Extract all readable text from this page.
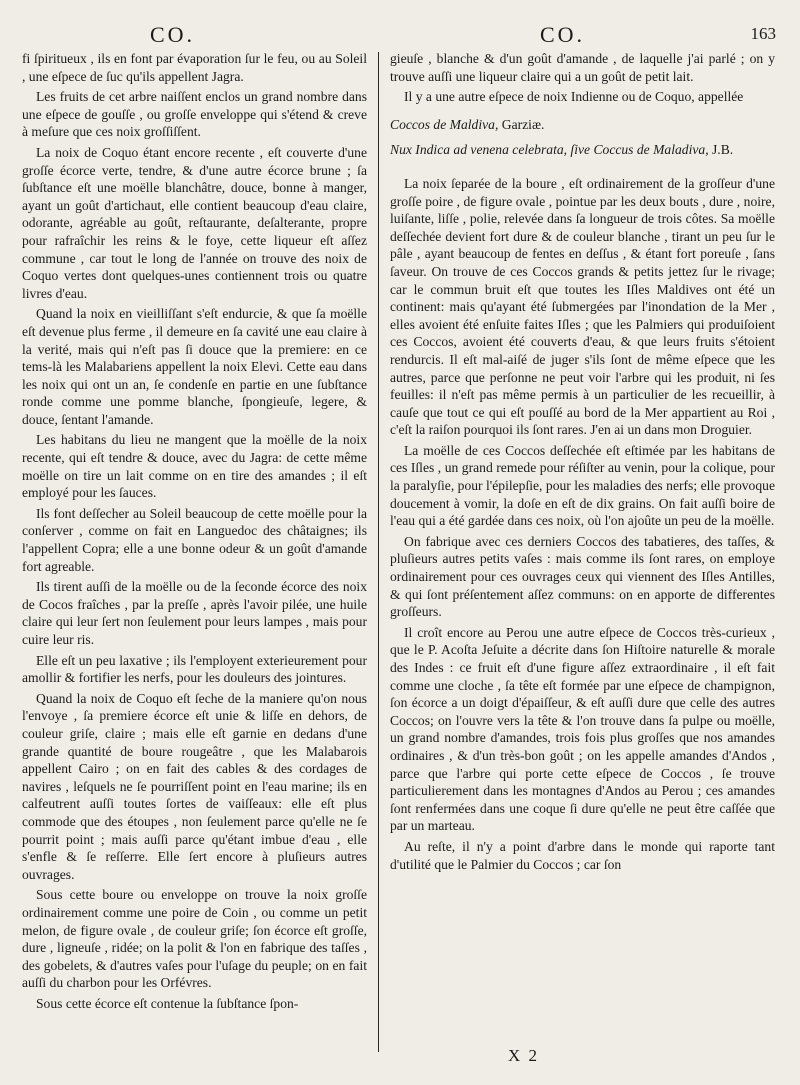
CO.	CO.	163

fi ſpiritueux , ils en font par évaporation ſur le feu, ou au Soleil , une eſpece de ſuc qu'ils appellent Jagra.

Les fruits de cet arbre naiſſent enclos un grand nombre dans une eſpece de gouſſe , ou groſſe enveloppe qui s'étend & creve à meſure que ces noix groſſiſſent.

La noix de Coquo étant encore recente , eſt couverte d'une groſſe écorce verte, tendre, & d'une autre écorce brune ; ſa ſubſtance eſt une moëlle blanchâtre, douce, bonne à manger, ayant un goût d'artichaut, elle contient beaucoup d'eau claire, odorante, agréable au goût, reſtaurante, deſalterante, propre pour rafraîchir les reins & le foye, cette liqueur eſt aſſez commune , car tout le long de l'année on trouve des noix de Coquo vertes dont quelques-unes contiennent trois ou quatre livres d'eau.

Quand la noix en vieilliſſant s'eſt endurcie, & que ſa moëlle eſt devenue plus ferme , il demeure en ſa cavité une eau claire à la verité, mais qui n'eſt pas ſi douce que la premiere: en ce tems-là les Malabariens appellent la noix Elevi. Cette eau dans les noix qui ont un an, ſe condenſe en partie en une ſubſtance ronde comme une pomme blanche, ſpongieuſe, legere, & douce, ſentant l'amande.

Les habitans du lieu ne mangent que la moëlle de la noix recente, qui eſt tendre & douce, avec du Jagra: de cette même moëlle on tire un lait comme on en tire des amandes ; il eſt employé pour les ſauces.

Ils font deſſecher au Soleil beaucoup de cette moëlle pour la conſerver , comme on fait en Languedoc des châtaignes; ils l'appellent Copra; elle a une bonne odeur & un goût d'amande fort agreable.

Ils tirent auſſi de la moëlle ou de la ſeconde écorce des noix de Cocos fraîches , par la preſſe , après l'avoir pilée, une huile claire qui leur ſert non ſeulement pour leurs lampes , mais pour cuire leur ris.

Elle eſt un peu laxative ; ils l'employent exterieurement pour amollir & fortifier les nerfs, pour les douleurs des jointures.

Quand la noix de Coquo eſt ſeche de la maniere qu'on nous l'envoye , ſa premiere écorce eſt unie & liſſe en dehors, de couleur griſe, claire ; mais elle eſt garnie en dedans d'une grande quantité de boure rougeâtre , que les Malabarois appellent Cairo ; on en fait des cables & des cordages de navires , leſquels ne ſe pourriſſent point en l'eau marine; ils en calfeutrent auſſi toutes ſortes de vaiſſeaux: elle eſt plus commode que des étoupes , non ſeulement parce qu'elle ne ſe pourrit point ; mais auſſi parce qu'étant imbue d'eau , elle s'enfle & ſe reſſerre. Elle ſert encore à pluſieurs autres ouvrages.

Sous cette boure ou enveloppe on trouve la noix groſſe ordinairement comme une poire de Coin , ou comme un petit melon, de figure ovale , de couleur griſe; ſon écorce eſt groſſe, dure , ligneuſe , ridée; on la polit & l'on en fabrique des taſſes , des gobelets, & d'autres vaſes pour l'uſage du peuple; on en fait auſſi du charbon pour les Orfévres.

Sous cette écorce eſt contenue la ſubſtance ſpon-

gieuſe , blanche & d'un goût d'amande , de laquelle j'ai parlé ; on y trouve auſſi une liqueur claire qui a un goût de petit lait.

Il y a une autre eſpece de noix Indienne ou de Coquo, appellée

Coccos de Maldiva, Garziæ.

Nux Indica ad venena celebrata, ſive Coccus de Maladiva, J.B.

La noix ſeparée de la boure , eſt ordinairement de la groſſeur d'une groſſe poire , de figure ovale , pointue par les deux bouts , dure , noire, luiſante, liſſe , polie, relevée dans ſa longueur de trois côtes. Sa moëlle deſſechée devient fort dure & de couleur blanche , tirant un peu ſur le pâle , ayant beaucoup de fentes en deſſus , & étant fort poreuſe , ſans ſaveur. On trouve de ces Coccos grands & petits jettez ſur le rivage; car le commun bruit eſt que toutes les Iſles Maldives ont été un continent: mais qu'ayant été ſubmergées par l'inondation de la Mer , elles avoient été enſuite faites Iſles ; que les Palmiers qui produiſoient ces Coccos, avoient été couverts d'eau, & que leurs fruits s'étoient rendurcis. Il eſt mal-aiſé de juger s'ils ſont de même eſpece que les autres, parce que perſonne ne peut voir l'arbre qui les produit, ni ſes feuilles: il n'eſt pas même permis à un particulier de les recueillir, à cauſe que tout ce qui eſt pouſſé au bord de la Mer appartient au Roi , c'eſt la raiſon pourquoi ils ſont rares. J'en ai un dans mon Droguier.

La moëlle de ces Coccos deſſechée eſt eſtimée par les habitans de ces Iſles , un grand remede pour réſiſter au venin, pour la colique, pour la paralyſie, pour l'épilepſie, pour les maladies des nerfs; elle provoque doucement à vomir, la doſe en eſt de dix grains. On fait auſſi boire de l'eau qui a été gardée dans ces noix, où l'on ajoûte un peu de la moëlle.

On fabrique avec ces derniers Coccos des tabatieres, des taſſes, & pluſieurs autres petits vaſes : mais comme ils ſont rares, on employe ordinairement pour ces ouvrages ceux qui viennent des Iſles Antilles, & qui ſont préſentement aſſez communs: on en apporte de differentes groſſeurs.

Il croît encore au Perou une autre eſpece de Coccos très-curieux , que le P. Acoſta Jeſuite a décrite dans ſon Hiſtoire naturelle & morale des Indes : ce fruit eſt d'une figure aſſez extraordinaire , il eſt fait comme une cloche , ſa tête eſt formée par une eſpece de champignon, ſon écorce a un doigt d'épaiſſeur, & eſt auſſi dure que celle des autres Coccos; on l'ouvre vers la tête & l'on trouve dans ſa pulpe ou moëlle, un grand nombre d'amandes, trois fois plus groſſes que nos amandes ordinaires , & d'un très-bon goût ; on les appelle amandes d'Andos , parce que l'arbre qui porte cette eſpece de Coccos , ſe trouve particulierement dans les montagnes d'Andos au Perou ; ces amandes ſont renfermées dans une coque ſi dure qu'elle ne peut être caſſée que par un marteau.

Au reſte, il n'y a point d'arbre dans le monde qui raporte tant d'utilité que le Palmier du Coccos ; car ſon

X 2
